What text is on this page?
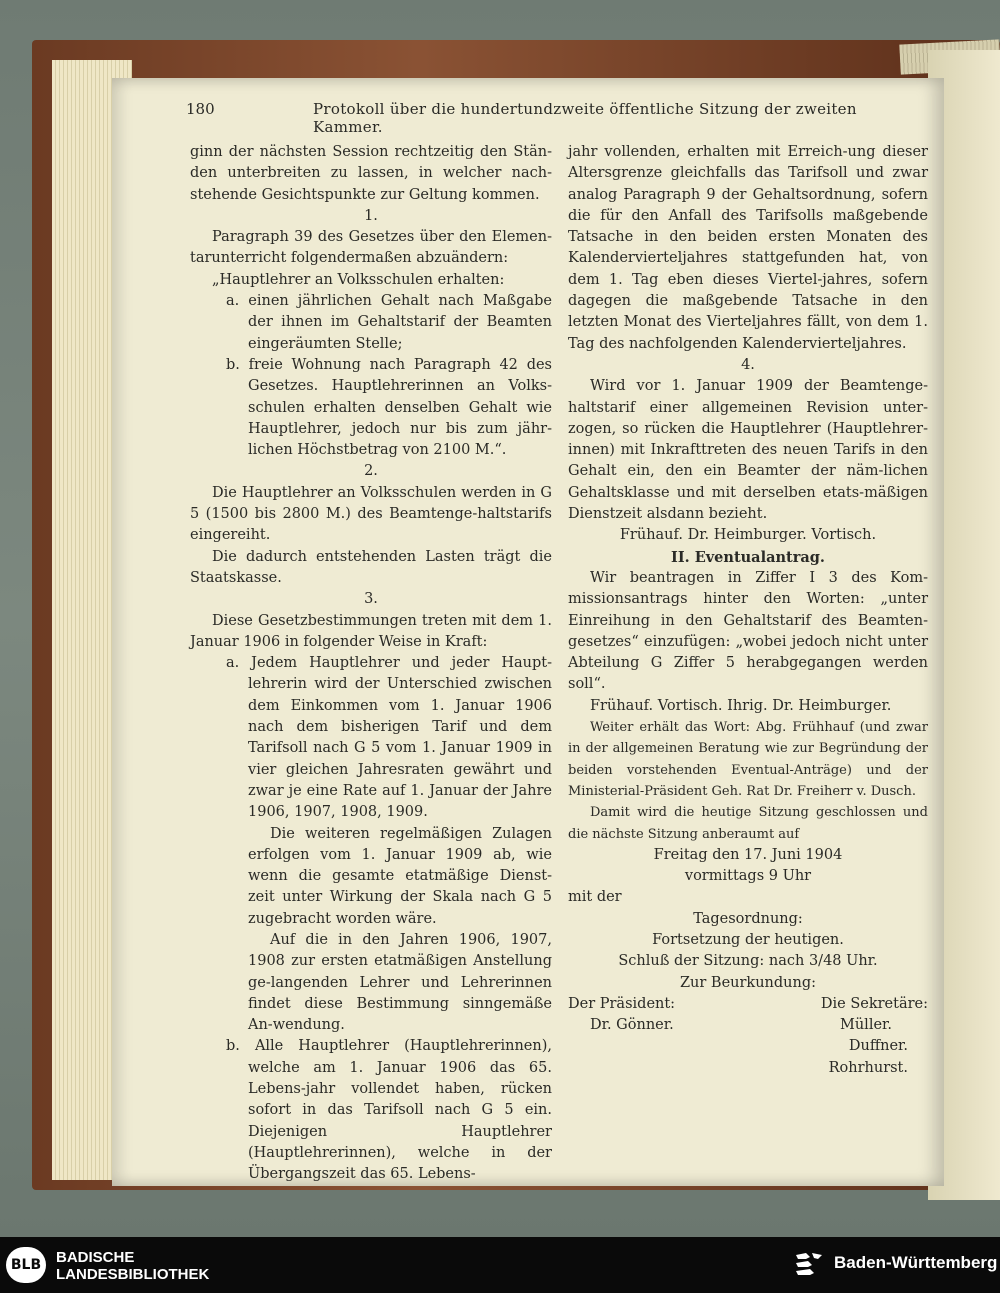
180	Protokoll über die hundertundzweite öffentliche Sitzung der zweiten Kammer.

ginn der nächsten Session rechtzeitig den Stän-den unterbreiten zu lassen, in welcher nach-stehende Gesichtspunkte zur Geltung kommen.

1.

Paragraph 39 des Gesetzes über den Elemen-tarunterricht folgendermaßen abzuändern:

„Hauptlehrer an Volksschulen erhalten:

a. einen jährlichen Gehalt nach Maßgabe der ihnen im Gehaltstarif der Beamten eingeräumten Stelle;

b. freie Wohnung nach Paragraph 42 des Gesetzes. Hauptlehrerinnen an Volks-schulen erhalten denselben Gehalt wie Hauptlehrer, jedoch nur bis zum jähr-lichen Höchstbetrag von 2100 M.“.

2.

Die Hauptlehrer an Volksschulen werden in G 5 (1500 bis 2800 M.) des Beamtenge-haltstarifs eingereiht.

Die dadurch entstehenden Lasten trägt die Staatskasse.

3.

Diese Gesetzbestimmungen treten mit dem 1. Januar 1906 in folgender Weise in Kraft:

a. Jedem Hauptlehrer und jeder Haupt-lehrerin wird der Unterschied zwischen dem Einkommen vom 1. Januar 1906 nach dem bisherigen Tarif und dem Tarifsoll nach G 5 vom 1. Januar 1909 in vier gleichen Jahresraten gewährt und zwar je eine Rate auf 1. Januar der Jahre 1906, 1907, 1908, 1909.

Die weiteren regelmäßigen Zulagen erfolgen vom 1. Januar 1909 ab, wie wenn die gesamte etatmäßige Dienst-zeit unter Wirkung der Skala nach G 5 zugebracht worden wäre.

Auf die in den Jahren 1906, 1907, 1908 zur ersten etatmäßigen Anstellung ge-langenden Lehrer und Lehrerinnen findet diese Bestimmung sinngemäße An-wendung.

b. Alle Hauptlehrer (Hauptlehrerinnen), welche am 1. Januar 1906 das 65. Lebens-jahr vollendet haben, rücken sofort in das Tarifsoll nach G 5 ein. Diejenigen Hauptlehrer (Hauptlehrerinnen), welche in der Übergangszeit das 65. Lebens-

jahr vollenden, erhalten mit Erreich-ung dieser Altersgrenze gleichfalls das Tarifsoll und zwar analog Paragraph 9 der Gehaltsordnung, sofern die für den Anfall des Tarifsolls maßgebende Tatsache in den beiden ersten Monaten des Kalendervierteljahres stattgefunden hat, von dem 1. Tag eben dieses Viertel-jahres, sofern dagegen die maßgebende Tatsache in den letzten Monat des Vierteljahres fällt, von dem 1. Tag des nachfolgenden Kalendervierteljahres.

4.

Wird vor 1. Januar 1909 der Beamtenge-haltstarif einer allgemeinen Revision unter-zogen, so rücken die Hauptlehrer (Hauptlehrer-innen) mit Inkrafttreten des neuen Tarifs in den Gehalt ein, den ein Beamter der näm-lichen Gehaltsklasse und mit derselben etats-mäßigen Dienstzeit alsdann bezieht.

Frühauf. Dr. Heimburger. Vortisch.

II. Eventualantrag.

Wir beantragen in Ziffer I 3 des Kom-missionsantrags hinter den Worten: „unter Einreihung in den Gehaltstarif des Beamten-gesetzes“ einzufügen: „wobei jedoch nicht unter Abteilung G Ziffer 5 herabgegangen werden soll“.

Frühauf. Vortisch. Ihrig. Dr. Heimburger.

Weiter erhält das Wort: Abg. Frühhauf (und zwar in der allgemeinen Beratung wie zur Begründung der beiden vorstehenden Eventual-Anträge) und der Ministerial-Präsident Geh. Rat Dr. Freiherr v. Dusch.

Damit wird die heutige Sitzung geschlossen und die nächste Sitzung anberaumt auf

Freitag den 17. Juni 1904

vormittags 9 Uhr

mit der

Tagesordnung:

Fortsetzung der heutigen.

Schluß der Sitzung: nach 3/48 Uhr.

Zur Beurkundung:

Der Präsident:	Die Sekretäre:
Dr. Gönner.	Müller.
Duffner.
Rohrhurst.
BLB BADISCHE
LANDESBIBLIOTHEK
Baden-Württemberg
